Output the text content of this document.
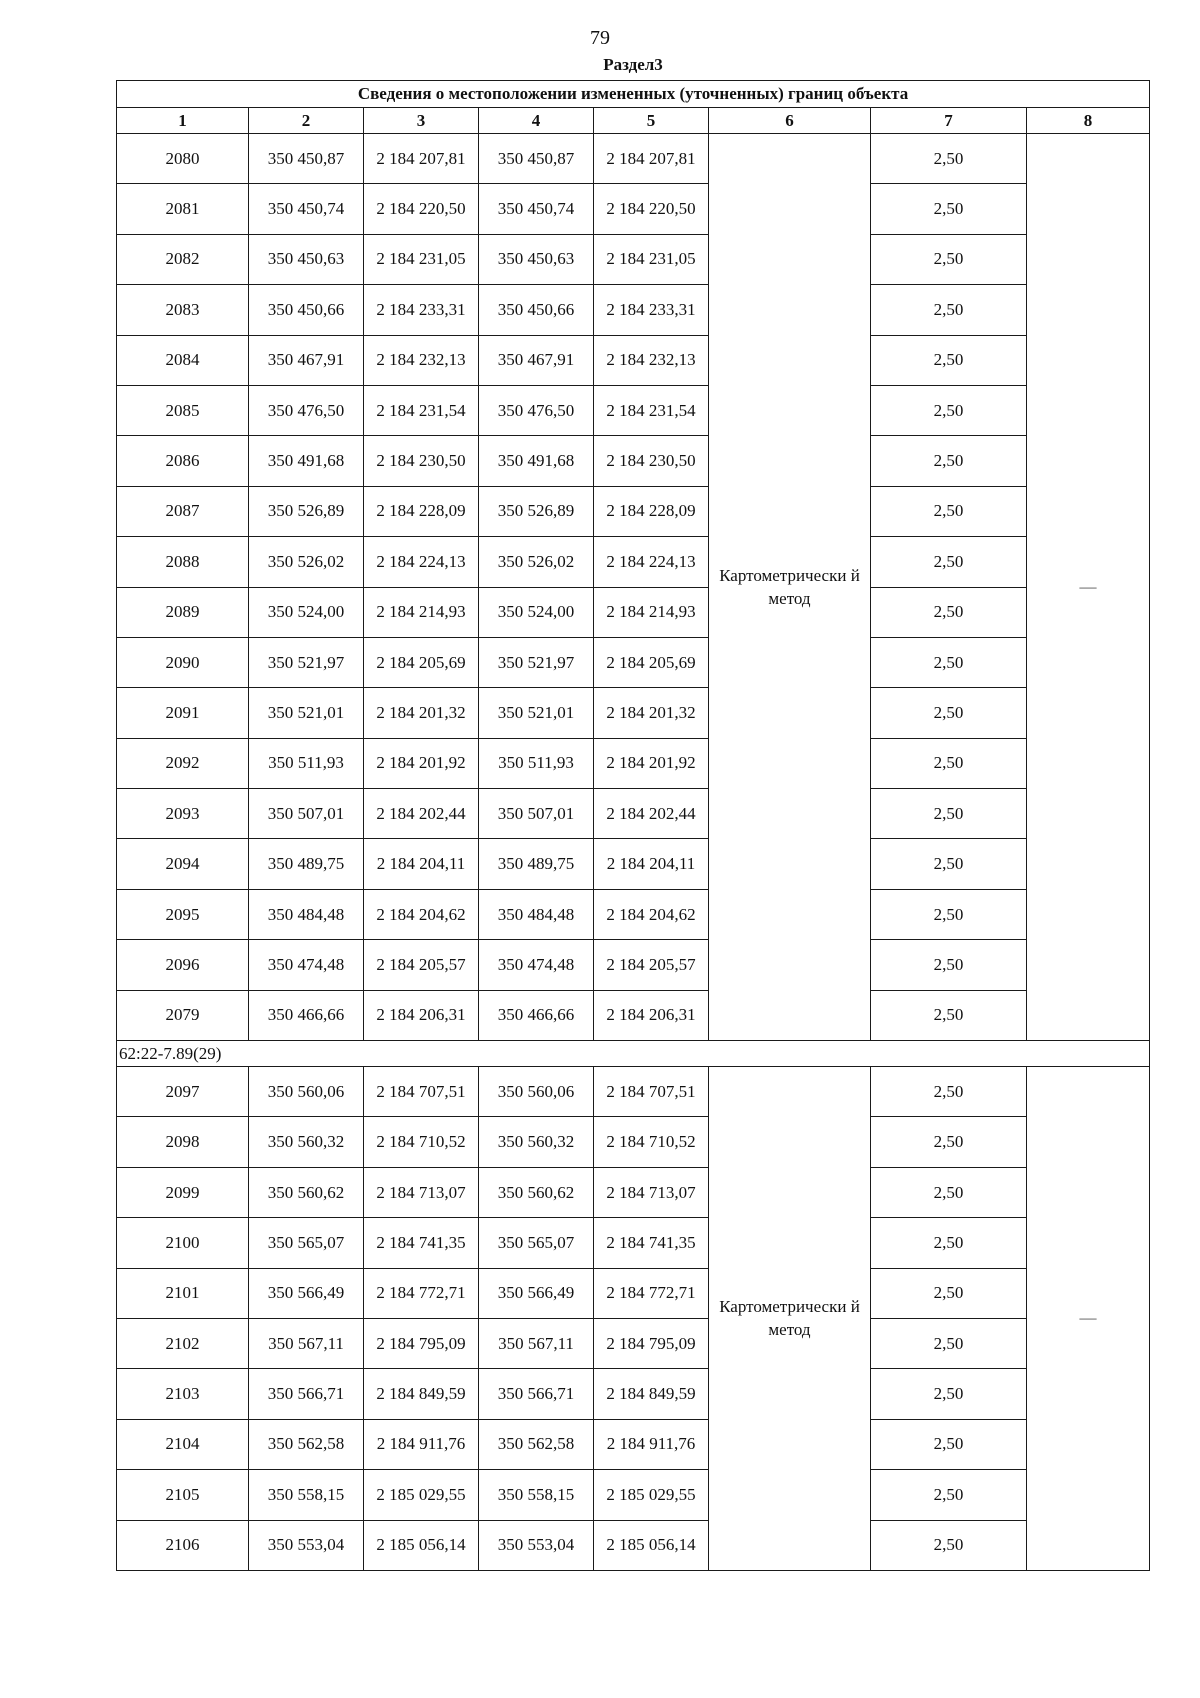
79
Раздел3
Сведения о местоположении измененных (уточненных) границ объекта							
1	2	3	4	5	6	7	8
2080	350 450,87	2 184 207,81	350 450,87	2 184 207,81	Картометрически й метод	2,50	—
2081	350 450,74	2 184 220,50	350 450,74	2 184 220,50		2,50	
2082	350 450,63	2 184 231,05	350 450,63	2 184 231,05		2,50	
2083	350 450,66	2 184 233,31	350 450,66	2 184 233,31		2,50	
2084	350 467,91	2 184 232,13	350 467,91	2 184 232,13		2,50	
2085	350 476,50	2 184 231,54	350 476,50	2 184 231,54		2,50	
2086	350 491,68	2 184 230,50	350 491,68	2 184 230,50		2,50	
2087	350 526,89	2 184 228,09	350 526,89	2 184 228,09		2,50	
2088	350 526,02	2 184 224,13	350 526,02	2 184 224,13		2,50	
2089	350 524,00	2 184 214,93	350 524,00	2 184 214,93		2,50	
2090	350 521,97	2 184 205,69	350 521,97	2 184 205,69		2,50	
2091	350 521,01	2 184 201,32	350 521,01	2 184 201,32		2,50	
2092	350 511,93	2 184 201,92	350 511,93	2 184 201,92		2,50	
2093	350 507,01	2 184 202,44	350 507,01	2 184 202,44		2,50	
2094	350 489,75	2 184 204,11	350 489,75	2 184 204,11		2,50	
2095	350 484,48	2 184 204,62	350 484,48	2 184 204,62		2,50	
2096	350 474,48	2 184 205,57	350 474,48	2 184 205,57		2,50	
2079	350 466,66	2 184 206,31	350 466,66	2 184 206,31		2,50	
62:22-7.89(29)							
2097	350 560,06	2 184 707,51	350 560,06	2 184 707,51	Картометрически й метод	2,50	—
2098	350 560,32	2 184 710,52	350 560,32	2 184 710,52		2,50	
2099	350 560,62	2 184 713,07	350 560,62	2 184 713,07		2,50	
2100	350 565,07	2 184 741,35	350 565,07	2 184 741,35		2,50	
2101	350 566,49	2 184 772,71	350 566,49	2 184 772,71		2,50	
2102	350 567,11	2 184 795,09	350 567,11	2 184 795,09		2,50	
2103	350 566,71	2 184 849,59	350 566,71	2 184 849,59		2,50	
2104	350 562,58	2 184 911,76	350 562,58	2 184 911,76		2,50	
2105	350 558,15	2 185 029,55	350 558,15	2 185 029,55		2,50	
2106	350 553,04	2 185 056,14	350 553,04	2 185 056,14		2,50	
